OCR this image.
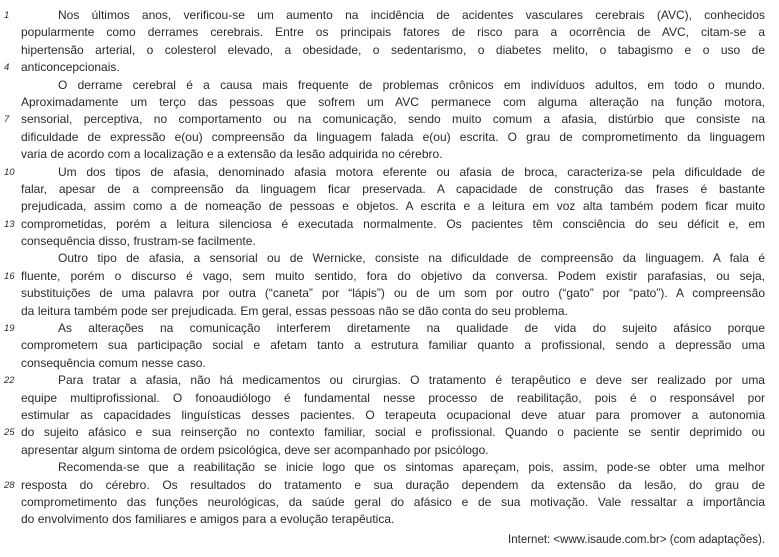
1	Nos últimos anos, verificou-se um aumento na incidência de acidentes vasculares cerebrais (AVC), conhecidos
popularmente como derrames cerebrais. Entre os principais fatores de risco para a ocorrência de AVC, citam-se a
hipertensão arterial, o colesterol elevado, a obesidade, o sedentarismo, o diabetes melito, o tabagismo e o uso de
4 anticoncepcionais.
O derrame cerebral é a causa mais frequente de problemas crônicos em indivíduos adultos, em todo o mundo.
Aproximadamente um terço das pessoas que sofrem um AVC permanece com alguma alteração na função motora,
7 sensorial, perceptiva, no comportamento ou na comunicação, sendo muito comum a afasia, distúrbio que consiste na
dificuldade de expressão e(ou) compreensão da linguagem falada e(ou) escrita. O grau de comprometimento da linguagem
varia de acordo com a localização e a extensão da lesão adquirida no cérebro.
10	Um dos tipos de afasia, denominado afasia motora eferente ou afasia de broca, caracteriza-se pela dificuldade de
falar, apesar de a compreensão da linguagem ficar preservada. A capacidade de construção das frases é bastante
prejudicada, assim como a de nomeação de pessoas e objetos. A escrita e a leitura em voz alta também podem ficar muito
13 comprometidas, porém a leitura silenciosa é executada normalmente. Os pacientes têm consciência do seu déficit e, em
consequência disso, frustram-se facilmente.
Outro tipo de afasia, a sensorial ou de Wernicke, consiste na dificuldade de compreensão da linguagem. A fala é
16 fluente, porém o discurso é vago, sem muito sentido, fora do objetivo da conversa. Podem existir parafasias, ou seja,
substituições de uma palavra por outra (“caneta” por “lápis”) ou de um som por outro (“gato” por “pato”). A compreensão
da leitura também pode ser prejudicada. Em geral, essas pessoas não se dão conta do seu problema.
19	As alterações na comunicação interferem diretamente na qualidade de vida do sujeito afásico porque
comprometem sua participação social e afetam tanto a estrutura familiar quanto a profissional, sendo a depressão uma
consequência comum nesse caso.
22	Para tratar a afasia, não há medicamentos ou cirurgias. O tratamento é terapêutico e deve ser realizado por uma
equipe multiprofissional. O fonoaudiólogo é fundamental nesse processo de reabilitação, pois é o responsável por
estimular as capacidades linguísticas desses pacientes. O terapeuta ocupacional deve atuar para promover a autonomia
25 do sujeito afásico e sua reinserção no contexto familiar, social e profissional. Quando o paciente se sentir deprimido ou
apresentar algum sintoma de ordem psicológica, deve ser acompanhado por psicólogo.
Recomenda-se que a reabilitação se inicie logo que os sintomas apareçam, pois, assim, pode-se obter uma melhor
28 resposta do cérebro. Os resultados do tratamento e sua duração dependem da extensão da lesão, do grau de
comprometimento das funções neurológicas, da saúde geral do afásico e de sua motivação. Vale ressaltar a importância
do envolvimento dos familiares e amigos para a evolução terapêutica.
Internet: <www.isaude.com.br> (com adaptações).
